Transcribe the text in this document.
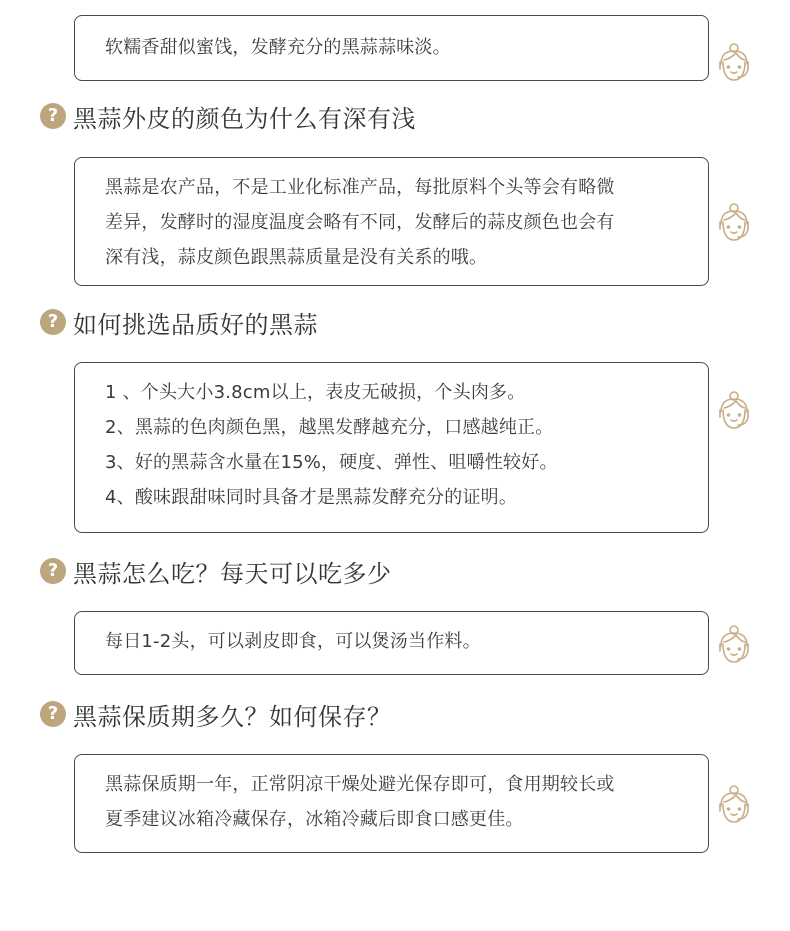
软糯香甜似蜜饯，发酵充分的黑蒜蒜味淡。

? 黑蒜外皮的颜色为什么有深有浅

黑蒜是农产品，不是工业化标准产品，每批原料个头等会有略微

差异，发酵时的湿度温度会略有不同，发酵后的蒜皮颜色也会有

深有浅，蒜皮颜色跟黑蒜质量是没有关系的哦。

? 如何挑选品质好的黑蒜

1 、个头大小3.8cm以上，表皮无破损，个头肉多。

2、黑蒜的色肉颜色黑，越黑发酵越充分，口感越纯正。

3、好的黑蒜含水量在15%，硬度、弹性、咀嚼性较好。

4、酸味跟甜味同时具备才是黑蒜发酵充分的证明。

? 黑蒜怎么吃？每天可以吃多少

每日1-2头，可以剥皮即食，可以煲汤当作料。

? 黑蒜保质期多久？如何保存？

黑蒜保质期一年，正常阴凉干燥处避光保存即可，食用期较长或

夏季建议冰箱冷藏保存，冰箱冷藏后即食口感更佳。
